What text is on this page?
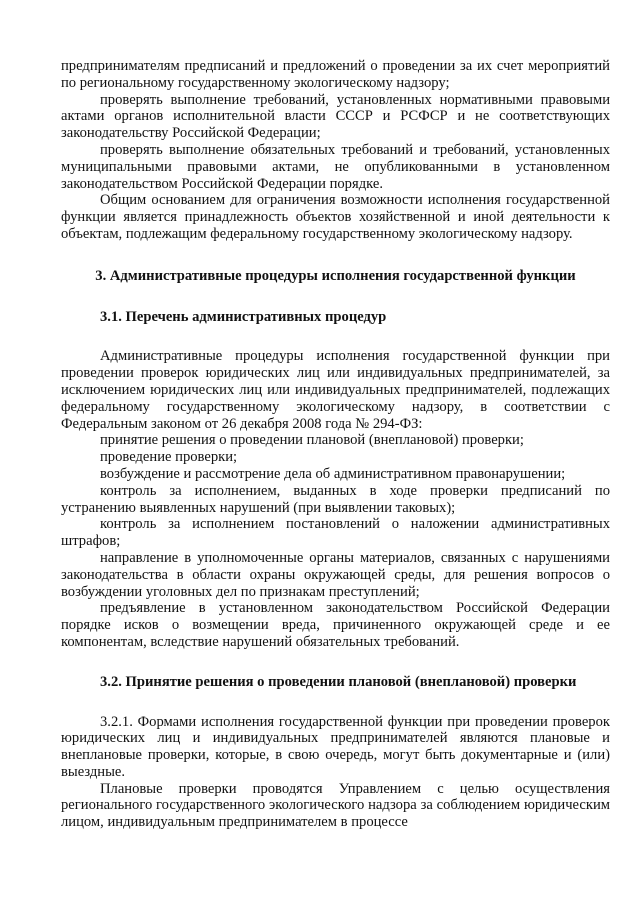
предпринимателям предписаний и предложений о проведении за их счет мероприятий по региональному государственному экологическому надзору;

проверять выполнение требований, установленных нормативными правовыми актами органов исполнительной власти СССР и РСФСР и не соответствующих законодательству Российской Федерации;

проверять выполнение обязательных требований и требований, установленных муниципальными правовыми актами, не опубликованными в установленном законодательством Российской Федерации порядке.

Общим основанием для ограничения возможности исполнения государственной функции является принадлежность объектов хозяйственной и иной деятельности к объектам, подлежащим федеральному государственному экологическому надзору.

3. Административные процедуры исполнения государственной функции

3.1. Перечень административных процедур

Административные процедуры исполнения государственной функции при проведении проверок юридических лиц или индивидуальных предпринимателей, за исключением юридических лиц или индивидуальных предпринимателей, подлежащих федеральному государственному экологическому надзору, в соответствии с Федеральным законом от 26 декабря 2008 года № 294-ФЗ:

принятие решения о проведении плановой (внеплановой) проверки;

проведение проверки;

возбуждение и рассмотрение дела об административном правонарушении;

контроль за исполнением, выданных в ходе проверки предписаний по устранению выявленных нарушений (при выявлении таковых);

контроль за исполнением постановлений о наложении административных штрафов;

направление в уполномоченные органы материалов, связанных с нарушениями законодательства в области охраны окружающей среды, для решения вопросов о возбуждении уголовных дел по признакам преступлений;

предъявление в установленном законодательством Российской Федерации порядке исков о возмещении вреда, причиненного окружающей среде и ее компонентам, вследствие нарушений обязательных требований.

3.2. Принятие решения о проведении плановой (внеплановой) проверки

3.2.1. Формами исполнения государственной функции при проведении проверок юридических лиц и индивидуальных предпринимателей являются плановые и внеплановые проверки, которые, в свою очередь, могут быть документарные и (или) выездные.

Плановые проверки проводятся Управлением с целью осуществления регионального государственного экологического надзора за соблюдением юридическим лицом, индивидуальным предпринимателем в процессе
